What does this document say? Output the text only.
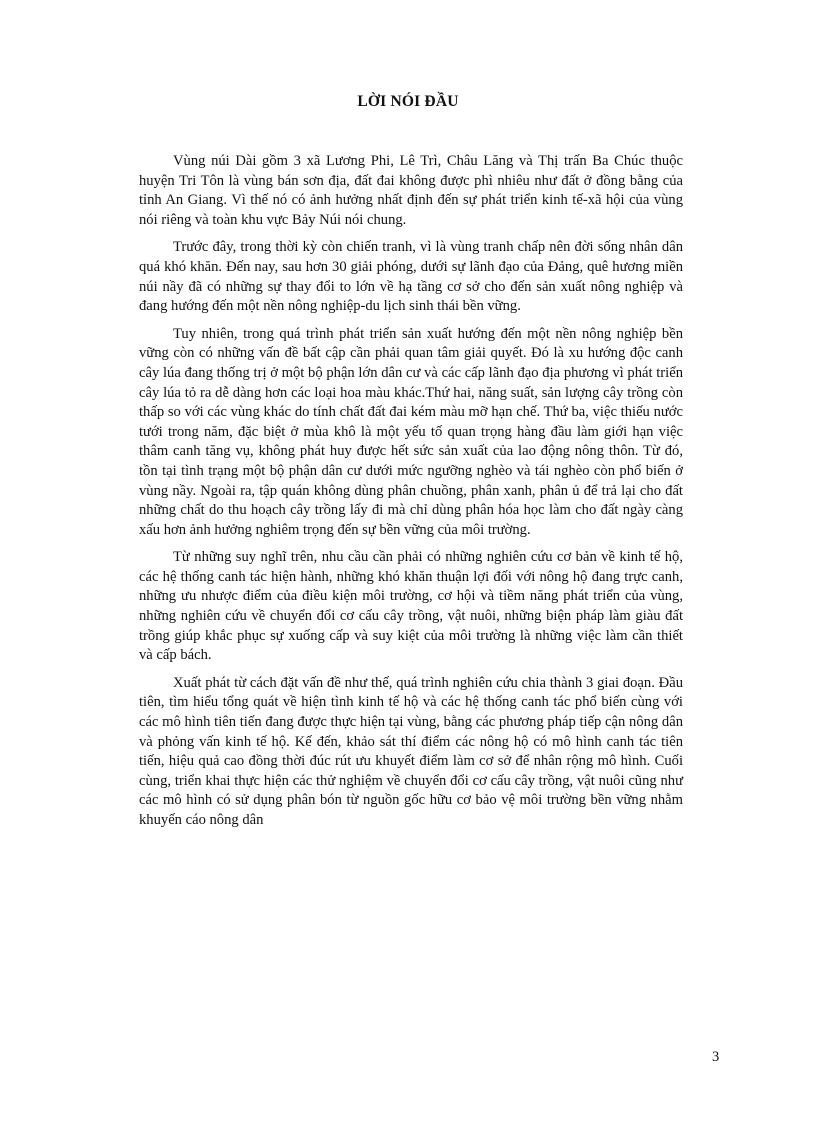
LỜI NÓI ĐẦU

Vùng núi Dài gồm 3 xã Lương Phi, Lê Trì, Châu Lăng và Thị trấn Ba Chúc thuộc huyện Tri Tôn là vùng bán sơn địa, đất đai không được phì nhiêu như đất ở đồng bằng của tỉnh An Giang. Vì thế nó có ảnh hưởng nhất định đến sự phát triển kinh tế-xã hội của vùng nói riêng và toàn khu vực Bảy Núi nói chung.

Trước đây, trong thời kỳ còn chiến tranh, vì là vùng tranh chấp nên đời sống nhân dân quá khó khăn. Đến nay, sau hơn 30 giải phóng, dưới sự lãnh đạo của Đảng, quê hương miền núi nầy đã có những sự thay đổi to lớn về hạ tầng cơ sở cho đến sản xuất nông nghiệp và đang hướng đến một nền nông nghiệp-du lịch sinh thái bền vững.

Tuy nhiên, trong quá trình phát triển sản xuất hướng đến một nền nông nghiệp bền vững còn có những vấn đề bất cập cần phải quan tâm giải quyết. Đó là xu hướng độc canh cây lúa đang thống trị ở một bộ phận lớn dân cư và các cấp lãnh đạo địa phương vì phát triển cây lúa tỏ ra dễ dàng hơn các loại hoa màu khác.Thứ hai, năng suất, sản lượng cây trồng còn thấp so với các vùng khác do tính chất đất đai kém màu mỡ hạn chế. Thứ ba, việc thiếu nước tưới trong năm, đặc biệt ở mùa khô là một yếu tố quan trọng hàng đầu làm giới hạn việc thâm canh tăng vụ, không phát huy được hết sức sản xuất của lao động nông thôn. Từ đó, tồn tại tình trạng một bộ phận dân cư dưới mức ngưỡng nghèo và tái nghèo còn phổ biến ở vùng nầy. Ngoài ra, tập quán không dùng phân chuồng, phân xanh, phân ủ để trả lại cho đất những chất do thu hoạch cây trồng lấy đi mà chỉ dùng phân hóa học làm cho đất ngày càng xấu hơn ảnh hưởng nghiêm trọng đến sự bền vững của môi trường.

Từ những suy nghĩ trên, nhu cầu cần phải có những nghiên cứu cơ bản về kinh tế hộ, các hệ thống canh tác hiện hành, những khó khăn thuận lợi đối với nông hộ đang trực canh, những ưu nhược điểm của điều kiện môi trường, cơ hội và tiềm năng phát triển của vùng, những nghiên cứu về chuyển đổi cơ cấu cây trồng, vật nuôi, những biện pháp làm giàu đất trồng giúp khắc phục sự xuống cấp và suy kiệt của môi trường là những việc làm cần thiết và cấp bách.

Xuất phát từ cách đặt vấn đề như thế, quá trình nghiên cứu chia thành 3 giai đoạn. Đầu tiên, tìm hiểu tổng quát về hiện tình kinh tế hộ và các hệ thống canh tác phổ biến cùng với các mô hình tiên tiến đang được thực hiện tại vùng, bằng các phương pháp tiếp cận nông dân và phỏng vấn kinh tế hộ. Kế đến, khảo sát thí điểm các nông hộ có mô hình canh tác tiên tiến, hiệu quả cao đồng thời đúc rút ưu khuyết điểm làm cơ sở để nhân rộng mô hình. Cuối cùng, triển khai thực hiện các thử nghiệm về chuyển đổi cơ cấu cây trồng, vật nuôi cũng như các mô hình có sử dụng phân bón từ nguồn gốc hữu cơ bảo vệ môi trường bền vững nhằm khuyến cáo nông dân

3
